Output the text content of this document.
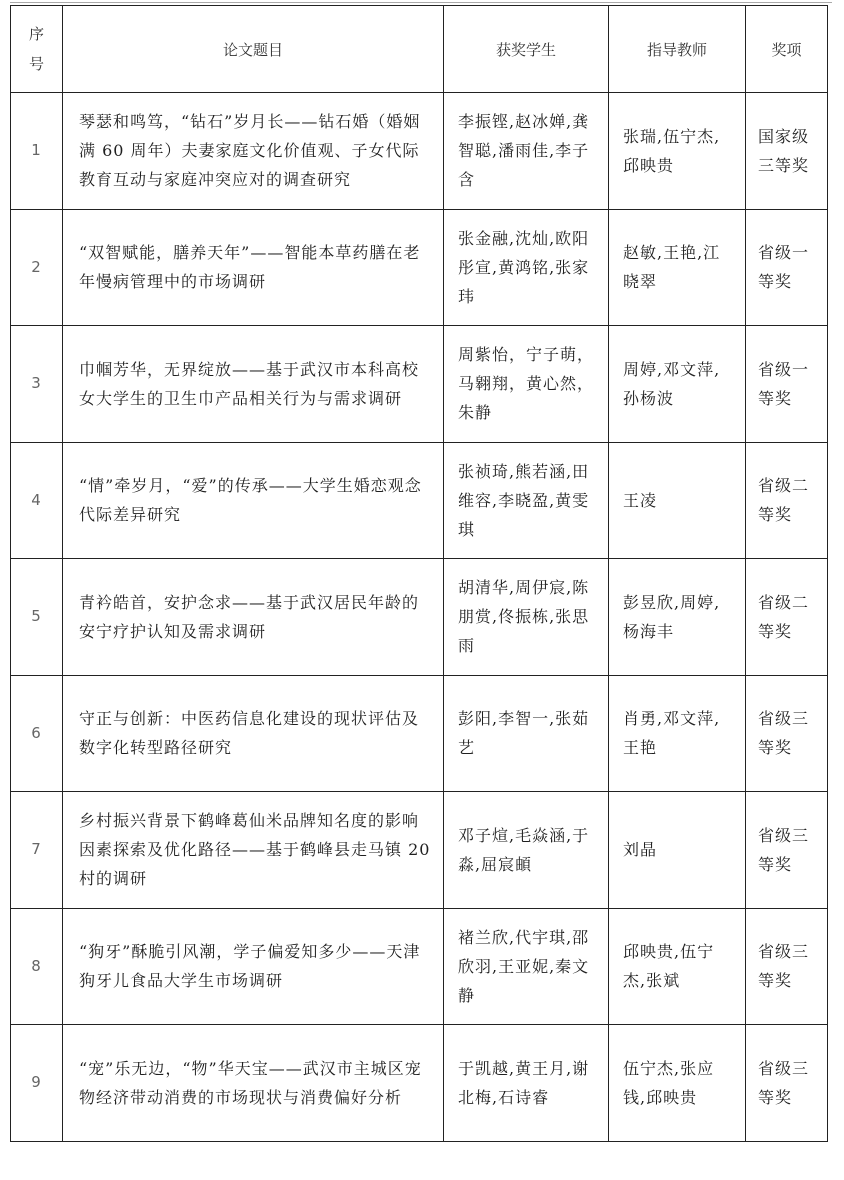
序号	论文题目	获奖学生	指导教师	奖项
1	琴瑟和鸣笃，“钻石”岁月长——钻石婚（婚姻满 60 周年）夫妻家庭文化价值观、子女代际教育互动与家庭冲突应对的调查研究	李振铿,赵冰婵,龚智聪,潘雨佳,李子含	张瑞,伍宁杰,邱映贵	国家级三等奖
2	“双智赋能，膳养天年”——智能本草药膳在老年慢病管理中的市场调研	张金融,沈灿,欧阳彤宣,黄鸿铭,张家玮	赵敏,王艳,江晓翠	省级一等奖
3	巾帼芳华，无界绽放——基于武汉市本科高校女大学生的卫生巾产品相关行为与需求调研	周紫怡，宁子萌，马翱翔，黄心然，朱静	周婷,邓文萍,孙杨波	省级一等奖
4	“情”牵岁月，“爱”的传承——大学生婚恋观念代际差异研究	张祯琦,熊若涵,田维容,李晓盈,黄雯琪	王凌	省级二等奖
5	青衿皓首，安护念求——基于武汉居民年龄的安宁疗护认知及需求调研	胡清华,周伊宸,陈朋赏,佟振栋,张思雨	彭昱欣,周婷,杨海丰	省级二等奖
6	守正与创新：中医药信息化建设的现状评估及数字化转型路径研究	彭阳,李智一,张茹艺	肖勇,邓文萍,王艳	省级三等奖
7	乡村振兴背景下鹤峰葛仙米品牌知名度的影响因素探索及优化路径——基于鹤峰县走马镇 20 村的调研	邓子煊,毛焱涵,于淼,屈宸頔	刘晶	省级三等奖
8	“狗牙”酥脆引风潮，学子偏爱知多少——天津狗牙儿食品大学生市场调研	褚兰欣,代宇琪,邵欣羽,王亚妮,秦文静	邱映贵,伍宁杰,张斌	省级三等奖
9	“宠”乐无边，“物”华天宝——武汉市主城区宠物经济带动消费的市场现状与消费偏好分析	于凯越,黄王月,谢北梅,石诗睿	伍宁杰,张应钱,邱映贵	省级三等奖
